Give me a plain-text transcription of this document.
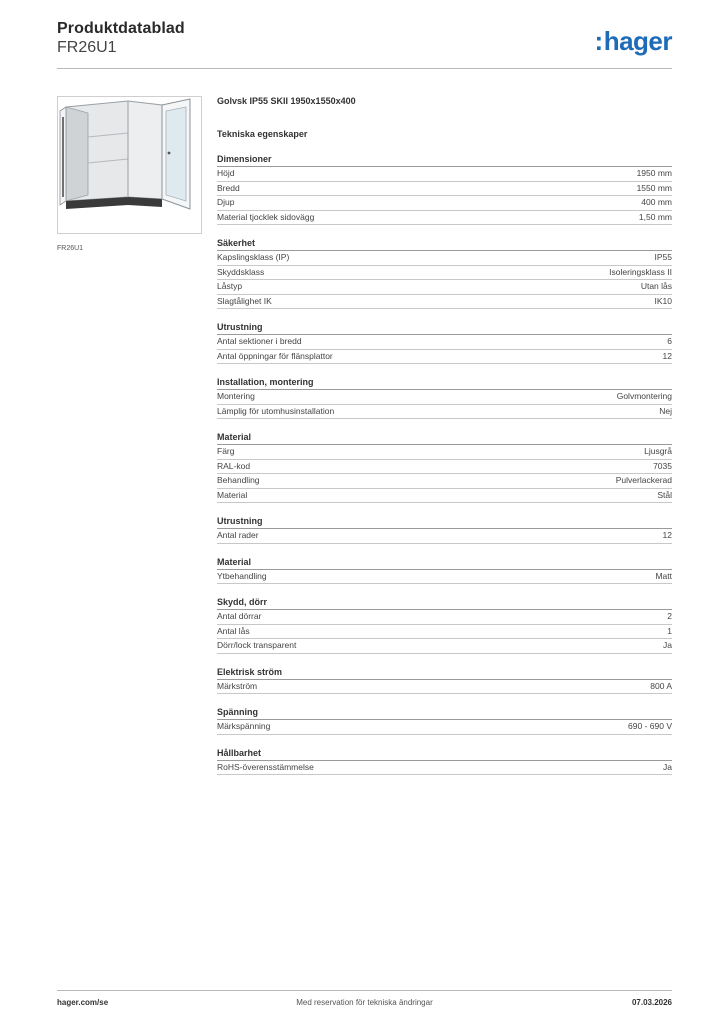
Produktdatablad
FR26U1	:hager
FR26U1
Golvsk IP55 SKII 1950x1550x400
Tekniska egenskaper
Dimensioner
Höjd	1950 mm
Bredd	1550 mm
Djup	400 mm
Material tjocklek sidovägg	1,50 mm
Säkerhet
Kapslingsklass (IP)	IP55
Skyddsklass	Isoleringsklass II
Låstyp	Utan lås
Slagtålighet IK	IK10
Utrustning
Antal sektioner i bredd	6
Antal öppningar för flänsplattor	12
Installation, montering
Montering	Golvmontering
Lämplig för utomhusinstallation	Nej
Material
Färg	Ljusgrå
RAL-kod	7035
Behandling	Pulverlackerad
Material	Stål
Utrustning
Antal rader	12
Material
Ytbehandling	Matt
Skydd, dörr
Antal dörrar	2
Antal lås	1
Dörr/lock transparent	Ja
Elektrisk ström
Märkström	800 A
Spänning
Märkspänning	690 - 690 V
Hållbarhet
RoHS-överensstämmelse	Ja
hager.com/se	Med reservation för tekniska ändringar	07.03.2026
